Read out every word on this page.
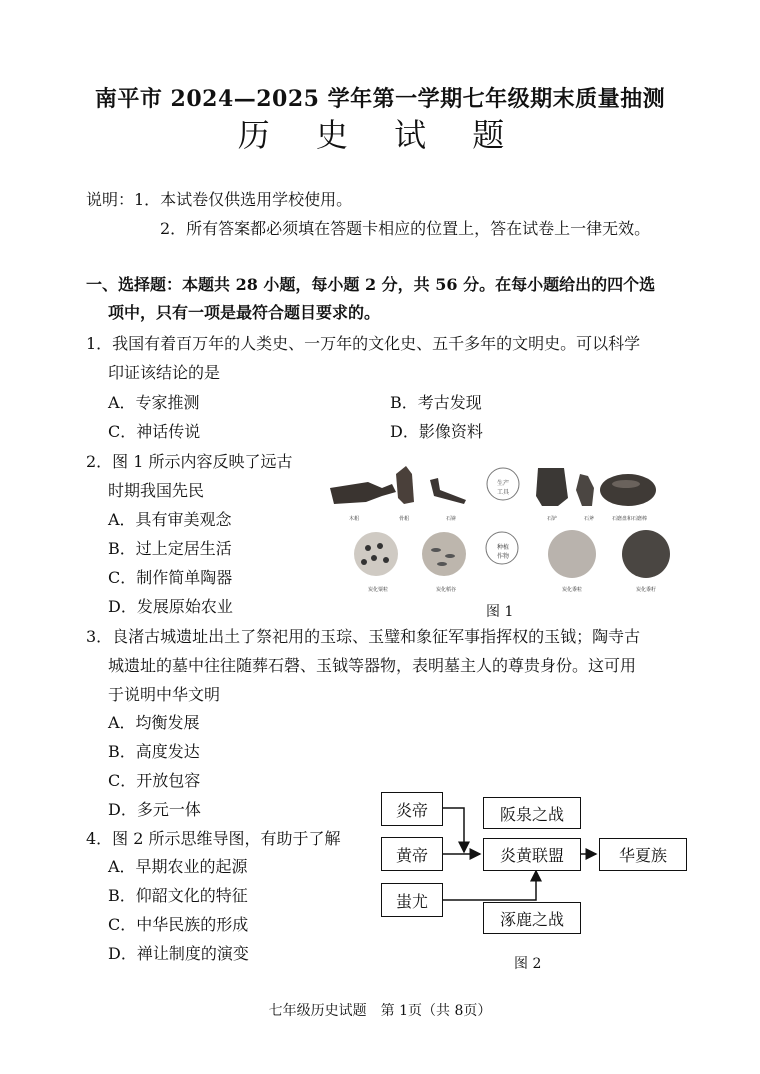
南平市 2024—2025 学年第一学期七年级期末质量抽测
历 史 试 题
说明： 1．本试卷仅供选用学校使用。
2．所有答案都必须填在答题卡相应的位置上，答在试卷上一律无效。
一、选择题：本题共 28 小题，每小题 2 分，共 56 分。在每小题给出的四个选
项中，只有一项是最符合题目要求的。
1．我国有着百万年的人类史、一万年的文化史、五千多年的文明史。可以科学
印证该结论的是
A．专家推测	B．考古发现
C．神话传说	D．影像资料
2．图 1 所示内容反映了远古
时期我国先民
A．具有审美观念
B．过上定居生活
C．制作简单陶器
D．发展原始农业
木耜	骨耜	石锛	石铲	石斧	石磨盘和石磨棒
生产
工具
炭化粟粒	炭化稻谷
种植
作物
炭化黍粒	炭化黍籽
图 1
3．良渚古城遗址出土了祭祀用的玉琮、玉璧和象征军事指挥权的玉钺；陶寺古
城遗址的墓中往往随葬石磬、玉钺等器物，表明墓主人的尊贵身份。这可用
于说明中华文明
A．均衡发展
B．高度发达
C．开放包容
D．多元一体
4．图 2 所示思维导图，有助于了解
A．早期农业的起源
B．仰韶文化的特征
C．中华民族的形成
D．禅让制度的演变
炎帝
黄帝
蚩尤
阪泉之战
炎黄联盟
涿鹿之战
华夏族
图 2
七年级历史试题　第 1页（共 8页）
